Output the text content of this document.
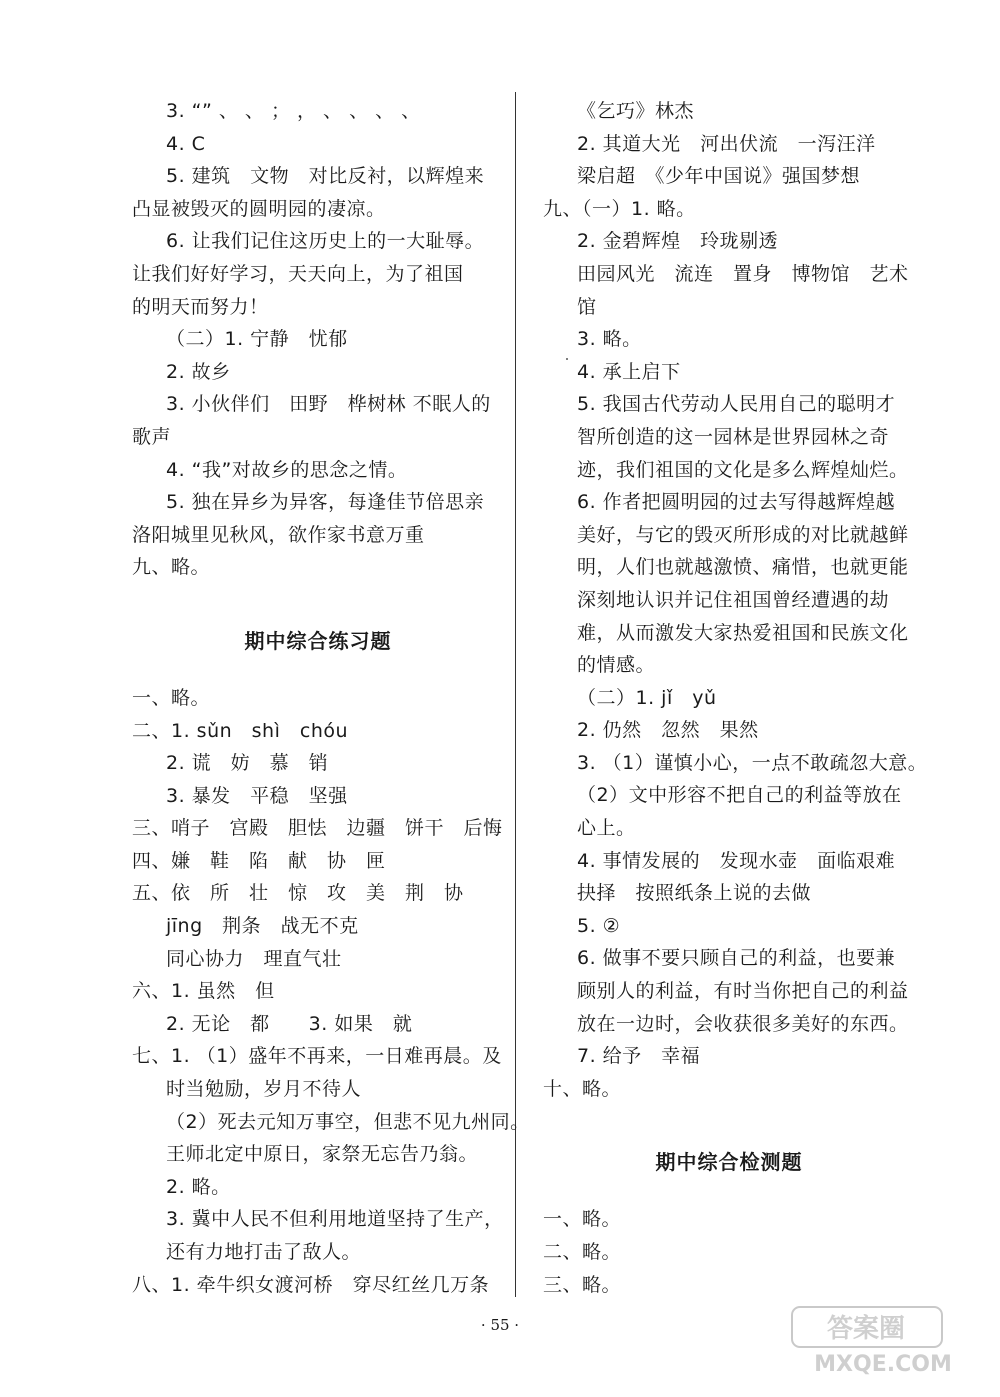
3. “” 、 、 ； ， 、 、 、 、
4. C
5. 建筑　文物　对比反衬，以辉煌来
凸显被毁灭的圆明园的凄凉。
6. 让我们记住这历史上的一大耻辱。
让我们好好学习，天天向上，为了祖国
的明天而努力！
（二）1. 宁静　忧郁
2. 故乡
3. 小伙伴们　田野　桦树林 不眠人的
歌声
4. “我”对故乡的思念之情。
5. 独在异乡为异客，每逢佳节倍思亲
洛阳城里见秋风，欲作家书意万重
九、略。
期中综合练习题
一、略。
二、1. sǔn　shì　chóu
2. 谎　妨　慕　销
3. 暴发　平稳　坚强
三、哨子　宫殿　胆怯　边疆　饼干　后悔
四、嫌　鞋　陷　献　协　匣
五、依　所　壮　惊　攻　美　荆　协
jīng　荆条　战无不克
同心协力　理直气壮
六、1. 虽然　但
2. 无论　都　　3. 如果　就
七、1. （1）盛年不再来，一日难再晨。及
时当勉励，岁月不待人
（2）死去元知万事空，但悲不见九州同。
王师北定中原日，家祭无忘告乃翁。
2. 略。
3. 冀中人民不但利用地道坚持了生产，
还有力地打击了敌人。
八、1. 牵牛织女渡河桥　穿尽红丝几万条
《乞巧》林杰
2. 其道大光　河出伏流　一泻汪洋
梁启超　《少年中国说》强国梦想
九、（一）1. 略。
2. 金碧辉煌　玲珑剔透
田园风光　流连　置身　博物馆　艺术
馆
3. 略。
4. 承上启下
5. 我国古代劳动人民用自己的聪明才
智所创造的这一园林是世界园林之奇
迹，我们祖国的文化是多么辉煌灿烂。
6. 作者把圆明园的过去写得越辉煌越
美好，与它的毁灭所形成的对比就越鲜
明，人们也就越激愤、痛惜，也就更能
深刻地认识并记住祖国曾经遭遇的劫
难，从而激发大家热爱祖国和民族文化
的情感。
（二）1. jǐ　yǔ
2. 仍然　忽然　果然
3. （1）谨慎小心，一点不敢疏忽大意。
（2）文中形容不把自己的利益等放在
心上。
4. 事情发展的　发现水壶　面临艰难
抉择　按照纸条上说的去做
5. ②
6. 做事不要只顾自己的利益，也要兼
顾别人的利益，有时当你把自己的利益
放在一边时，会收获很多美好的东西。
7. 给予　幸福
十、略。
期中综合检测题
一、略。
二、略。
三、略。
· 55 ·	答案圈
MXQE.COM
